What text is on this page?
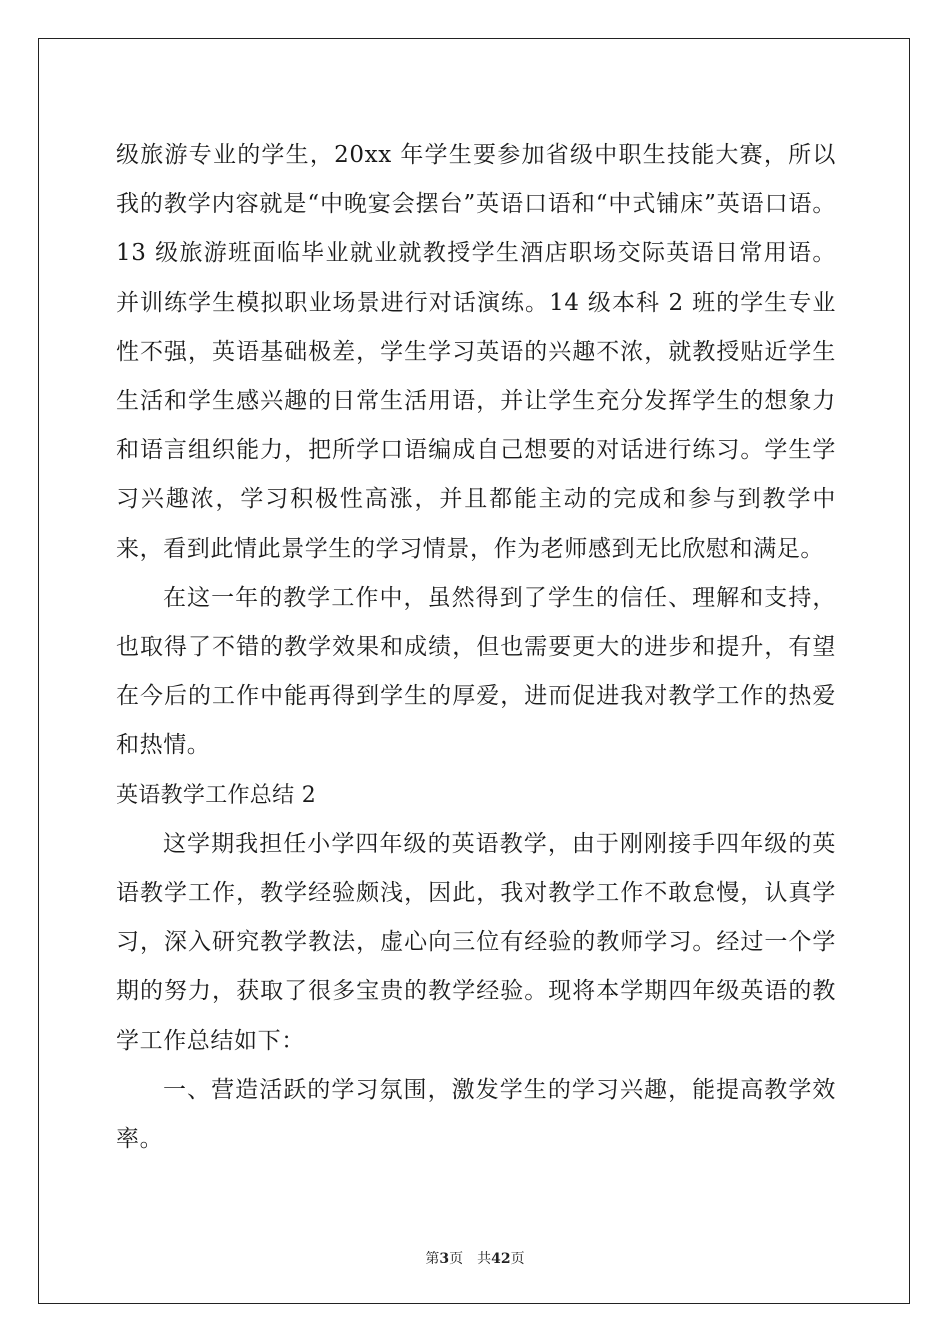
级旅游专业的学生，20xx 年学生要参加省级中职生技能大赛，所以我的教学内容就是“中晚宴会摆台”英语口语和“中式铺床”英语口语。13 级旅游班面临毕业就业就教授学生酒店职场交际英语日常用语。并训练学生模拟职业场景进行对话演练。14 级本科 2 班的学生专业性不强，英语基础极差，学生学习英语的兴趣不浓，就教授贴近学生生活和学生感兴趣的日常生活用语，并让学生充分发挥学生的想象力和语言组织能力，把所学口语编成自己想要的对话进行练习。学生学习兴趣浓，学习积极性高涨，并且都能主动的完成和参与到教学中来，看到此情此景学生的学习情景，作为老师感到无比欣慰和满足。

在这一年的教学工作中，虽然得到了学生的信任、理解和支持，也取得了不错的教学效果和成绩，但也需要更大的进步和提升，有望在今后的工作中能再得到学生的厚爱，进而促进我对教学工作的热爱和热情。

英语教学工作总结 2

这学期我担任小学四年级的英语教学，由于刚刚接手四年级的英语教学工作，教学经验颇浅，因此，我对教学工作不敢怠慢，认真学习，深入研究教学教法，虚心向三位有经验的教师学习。经过一个学期的努力，获取了很多宝贵的教学经验。现将本学期四年级英语的教学工作总结如下：

一、营造活跃的学习氛围，激发学生的学习兴趣，能提高教学效率。

第3页 共42页
